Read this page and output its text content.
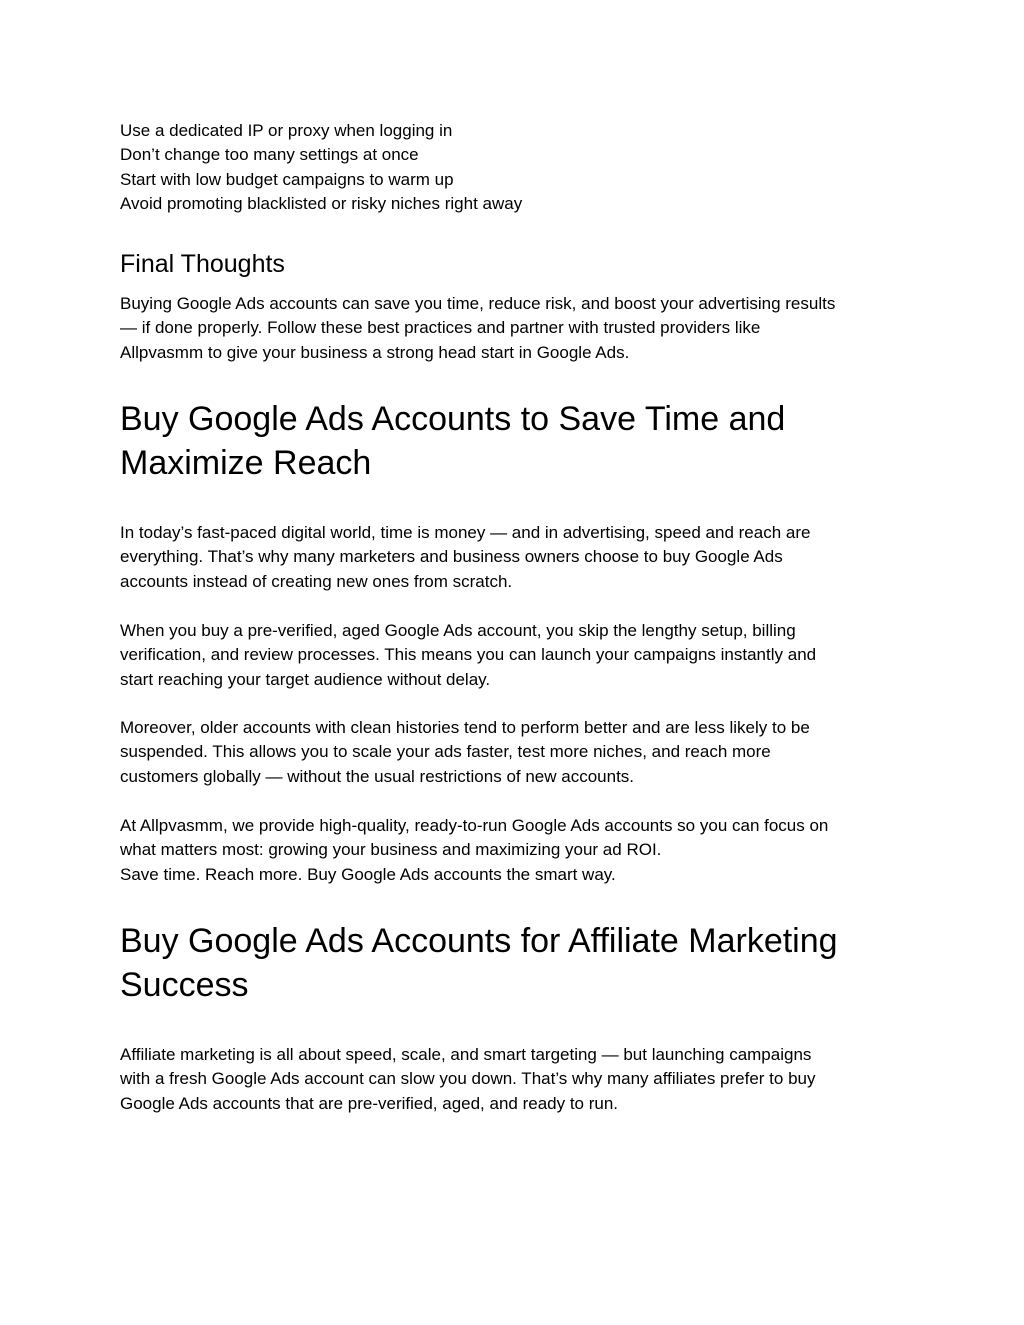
Use a dedicated IP or proxy when logging in
Don’t change too many settings at once
Start with low budget campaigns to warm up
Avoid promoting blacklisted or risky niches right away
Final Thoughts
Buying Google Ads accounts can save you time, reduce risk, and boost your advertising results
— if done properly. Follow these best practices and partner with trusted providers like
Allpvasmm to give your business a strong head start in Google Ads.
Buy Google Ads Accounts to Save Time and
Maximize Reach
In today’s fast-paced digital world, time is money — and in advertising, speed and reach are
everything. That’s why many marketers and business owners choose to buy Google Ads
accounts instead of creating new ones from scratch.
When you buy a pre-verified, aged Google Ads account, you skip the lengthy setup, billing
verification, and review processes. This means you can launch your campaigns instantly and
start reaching your target audience without delay.
Moreover, older accounts with clean histories tend to perform better and are less likely to be
suspended. This allows you to scale your ads faster, test more niches, and reach more
customers globally — without the usual restrictions of new accounts.
At Allpvasmm, we provide high-quality, ready-to-run Google Ads accounts so you can focus on
what matters most: growing your business and maximizing your ad ROI.
Save time. Reach more. Buy Google Ads accounts the smart way.
Buy Google Ads Accounts for Affiliate Marketing
Success
Affiliate marketing is all about speed, scale, and smart targeting — but launching campaigns
with a fresh Google Ads account can slow you down. That’s why many affiliates prefer to buy
Google Ads accounts that are pre-verified, aged, and ready to run.
